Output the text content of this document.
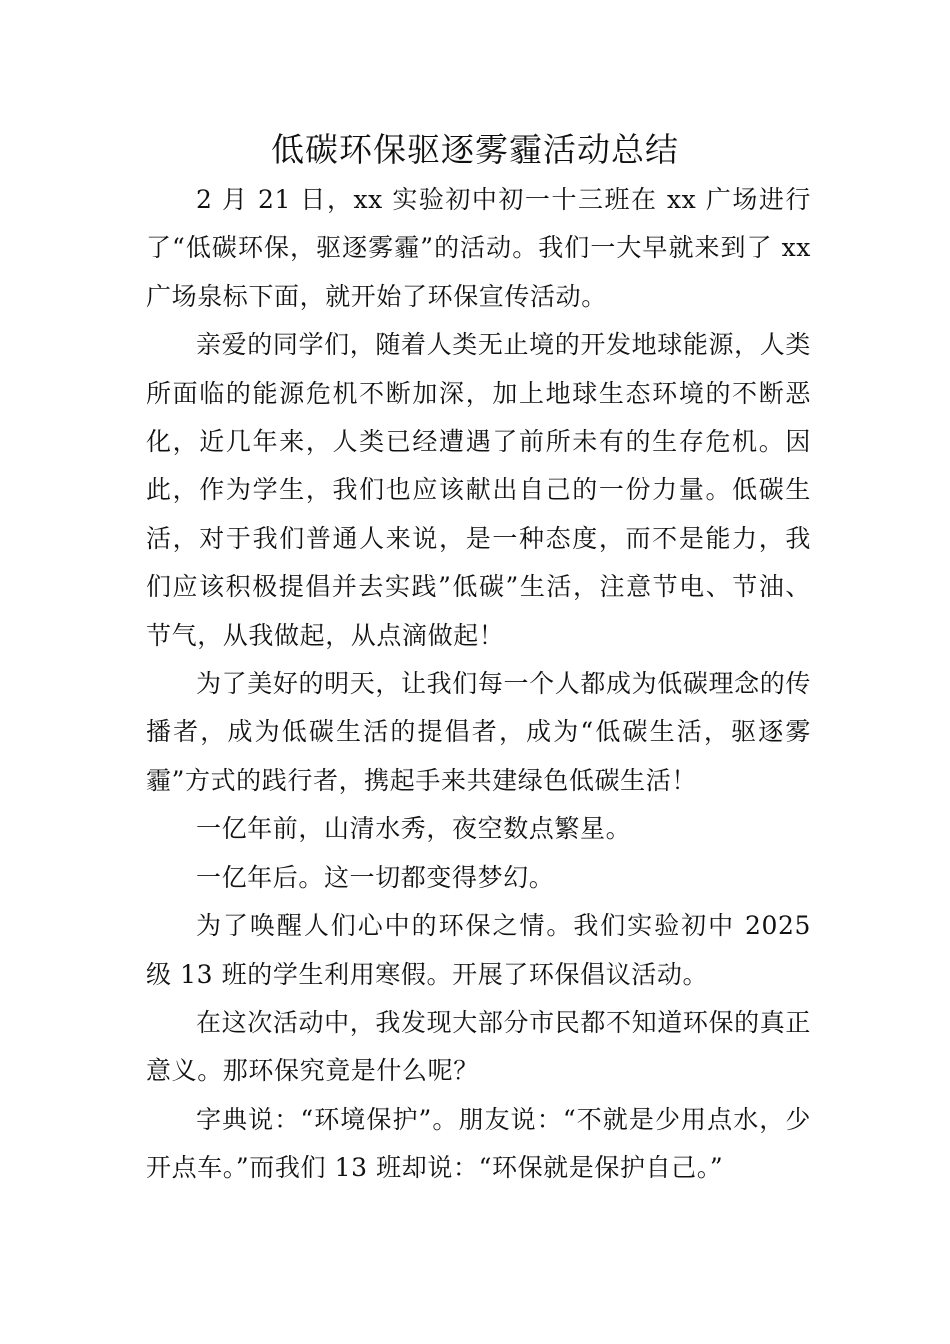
低碳环保驱逐雾霾活动总结

2 月 21 日，xx 实验初中初一十三班在 xx 广场进行了“低碳环保，驱逐雾霾”的活动。我们一大早就来到了 xx 广场泉标下面，就开始了环保宣传活动。

亲爱的同学们，随着人类无止境的开发地球能源，人类所面临的能源危机不断加深，加上地球生态环境的不断恶化，近几年来，人类已经遭遇了前所未有的生存危机。因此，作为学生，我们也应该献出自己的一份力量。低碳生活，对于我们普通人来说，是一种态度，而不是能力，我们应该积极提倡并去实践”低碳”生活，注意节电、节油、节气，从我做起，从点滴做起！

为了美好的明天，让我们每一个人都成为低碳理念的传播者，成为低碳生活的提倡者，成为“低碳生活，驱逐雾霾”方式的践行者，携起手来共建绿色低碳生活！

一亿年前，山清水秀，夜空数点繁星。

一亿年后。这一切都变得梦幻。

为了唤醒人们心中的环保之情。我们实验初中 2025 级 13 班的学生利用寒假。开展了环保倡议活动。

在这次活动中，我发现大部分市民都不知道环保的真正意义。那环保究竟是什么呢？

字典说：“环境保护”。朋友说：“不就是少用点水，少开点车。”而我们 13 班却说：“环保就是保护自己。”
